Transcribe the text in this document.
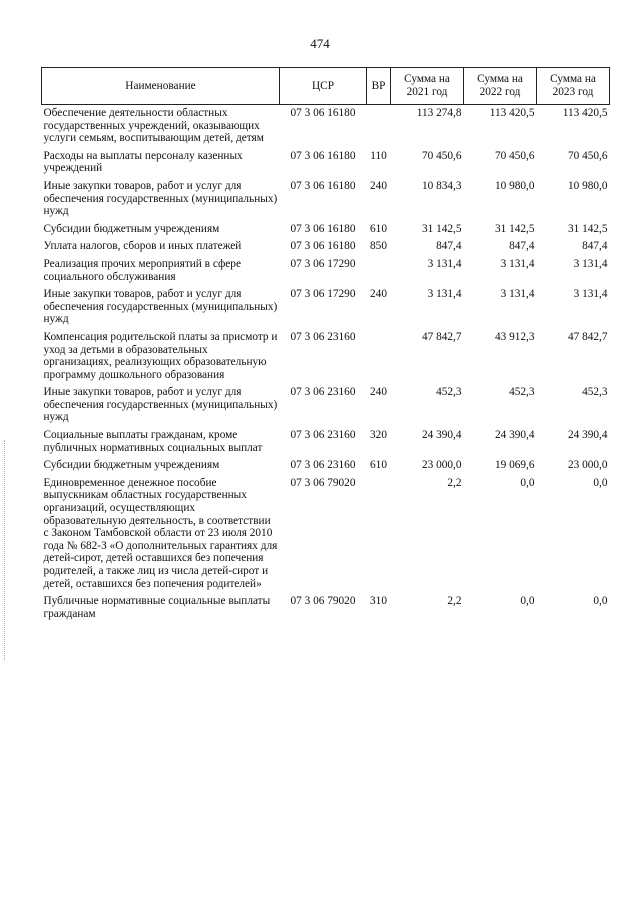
474
Наименование	ЦСР	ВР	Сумма на 2021 год	Сумма на 2022 год	Сумма на 2023 год
Обеспечение деятельности областных государственных учреждений, оказывающих услуги семьям, воспитывающим детей, детям	07 3 06 16180		113 274,8	113 420,5	113 420,5
Расходы на выплаты персоналу казенных учреждений	07 3 06 16180	110	70 450,6	70 450,6	70 450,6
Иные закупки товаров, работ и услуг для обеспечения государственных (муниципальных) нужд	07 3 06 16180	240	10 834,3	10 980,0	10 980,0
Субсидии бюджетным учреждениям	07 3 06 16180	610	31 142,5	31 142,5	31 142,5
Уплата налогов, сборов и иных платежей	07 3 06 16180	850	847,4	847,4	847,4
Реализация прочих мероприятий в сфере социального обслуживания	07 3 06 17290		3 131,4	3 131,4	3 131,4
Иные закупки товаров, работ и услуг для обеспечения государственных (муниципальных) нужд	07 3 06 17290	240	3 131,4	3 131,4	3 131,4
Компенсация родительской платы за присмотр и уход за детьми в образовательных организациях, реализующих образовательную программу дошкольного образования	07 3 06 23160		47 842,7	43 912,3	47 842,7
Иные закупки товаров, работ и услуг для обеспечения государственных (муниципальных) нужд	07 3 06 23160	240	452,3	452,3	452,3
Социальные выплаты гражданам, кроме публичных нормативных социальных выплат	07 3 06 23160	320	24 390,4	24 390,4	24 390,4
Субсидии бюджетным учреждениям	07 3 06 23160	610	23 000,0	19 069,6	23 000,0
Единовременное денежное пособие выпускникам областных государственных организаций, осуществляющих образовательную деятельность, в соответствии с Законом Тамбовской области от 23 июля 2010 года № 682-З «О дополнительных гарантиях для детей-сирот, детей оставшихся без попечения родителей, а также лиц из числа детей-сирот и детей, оставшихся без попечения родителей»	07 3 06 79020		2,2	0,0	0,0
Публичные нормативные социальные выплаты гражданам	07 3 06 79020	310	2,2	0,0	0,0
